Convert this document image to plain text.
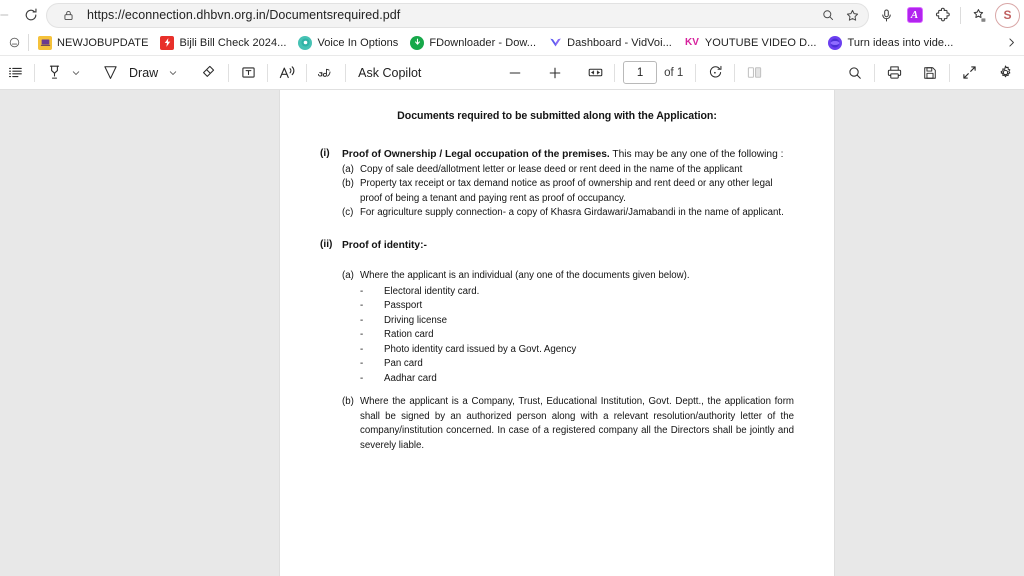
https://econnection.dhbvn.org.in/Documentsrequired.pdf	A	S
NEWJOBUPDATE	Bijli Bill Check 2024...	Voice In Options	FDownloader - Dow...	Dashboard - VidVoi... KV YOUTUBE VIDEO D...	Turn ideas into vide...
Draw	Ask Copilot
1	of 1
Documents required to be submitted along with the Application:
(i)	Proof of Ownership / Legal occupation of the premises. This may be any one of the following :
(a) Copy of sale deed/allotment letter or lease deed or rent deed in the name of the applicant
(b) Property tax receipt or tax demand notice as proof of ownership and rent deed or any other legal proof of being a tenant and paying rent as proof of occupancy.
(c) For agriculture supply connection- a copy of Khasra Girdawari/Jamabandi in the name of applicant.
(ii) Proof of identity:-
(a) Where the applicant is an individual (any one of the documents given below).
-	Electoral identity card.
-	Passport
-	Driving license
-	Ration card
-	Photo identity card issued by a Govt. Agency
-	Pan card
-	Aadhar card
(b) Where the applicant is a Company, Trust, Educational Institution, Govt. Deptt., the application form shall be signed by an authorized person along with a relevant resolution/authority letter of the company/institution concerned. In case of a registered company all the Directors shall be jointly and severely liable.
